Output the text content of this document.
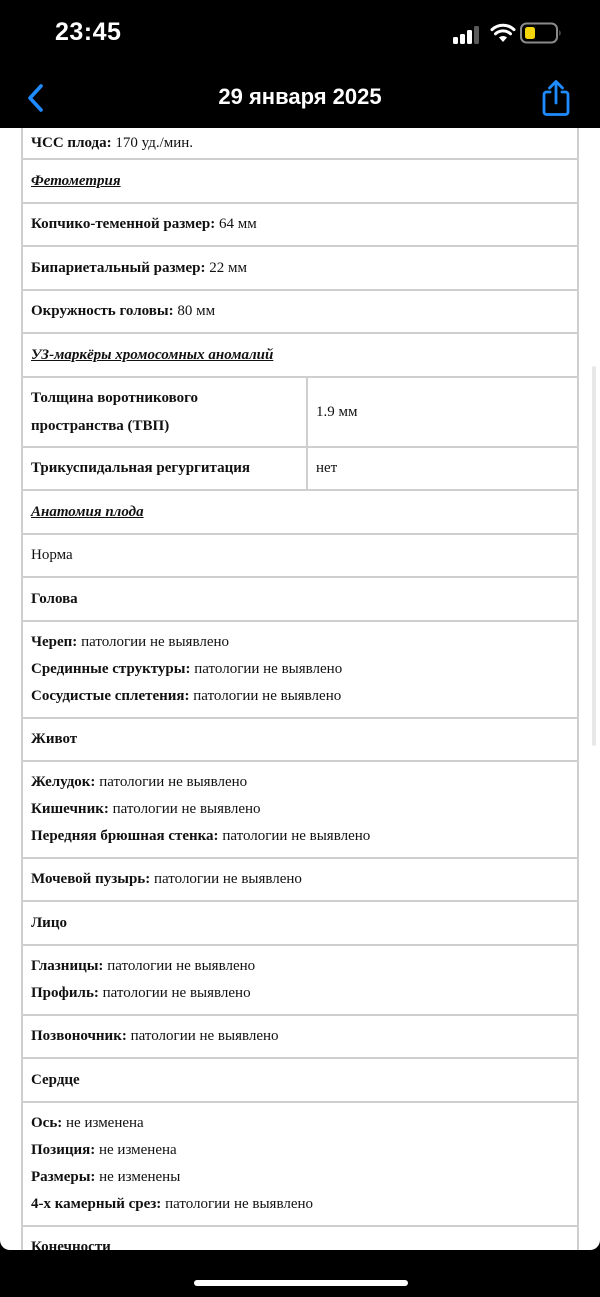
23:45
29 января 2025
ЧСС плода: 170 уд./мин.	
Фетометрия	
Копчико-теменной размер: 64 мм	
Бипариетальный размер: 22 мм	
Окружность головы: 80 мм	
УЗ-маркёры хромосомных аномалий	
Толщина воротникового
пространства (ТВП)	1.9 мм
Трикуспидальная регургитация	нет
Анатомия плода	
Норма	
Голова	

Череп: патологии не выявлено
Срединные структуры: патологии не выявлено
Сосудистые сплетения: патологии не выявлено	

Живот	

Желудок: патологии не выявлено
Кишечник: патологии не выявлено
Передняя брюшная стенка: патологии не выявлено	

Мочевой пузырь: патологии не выявлено	
Лицо	

Глазницы: патологии не выявлено
Профиль: патологии не выявлено	

Позвоночник: патологии не выявлено	
Сердце	

Ось: не изменена
Позиция: не изменена
Размеры: не изменены
4-х камерный срез: патологии не выявлено	

Конечности	
